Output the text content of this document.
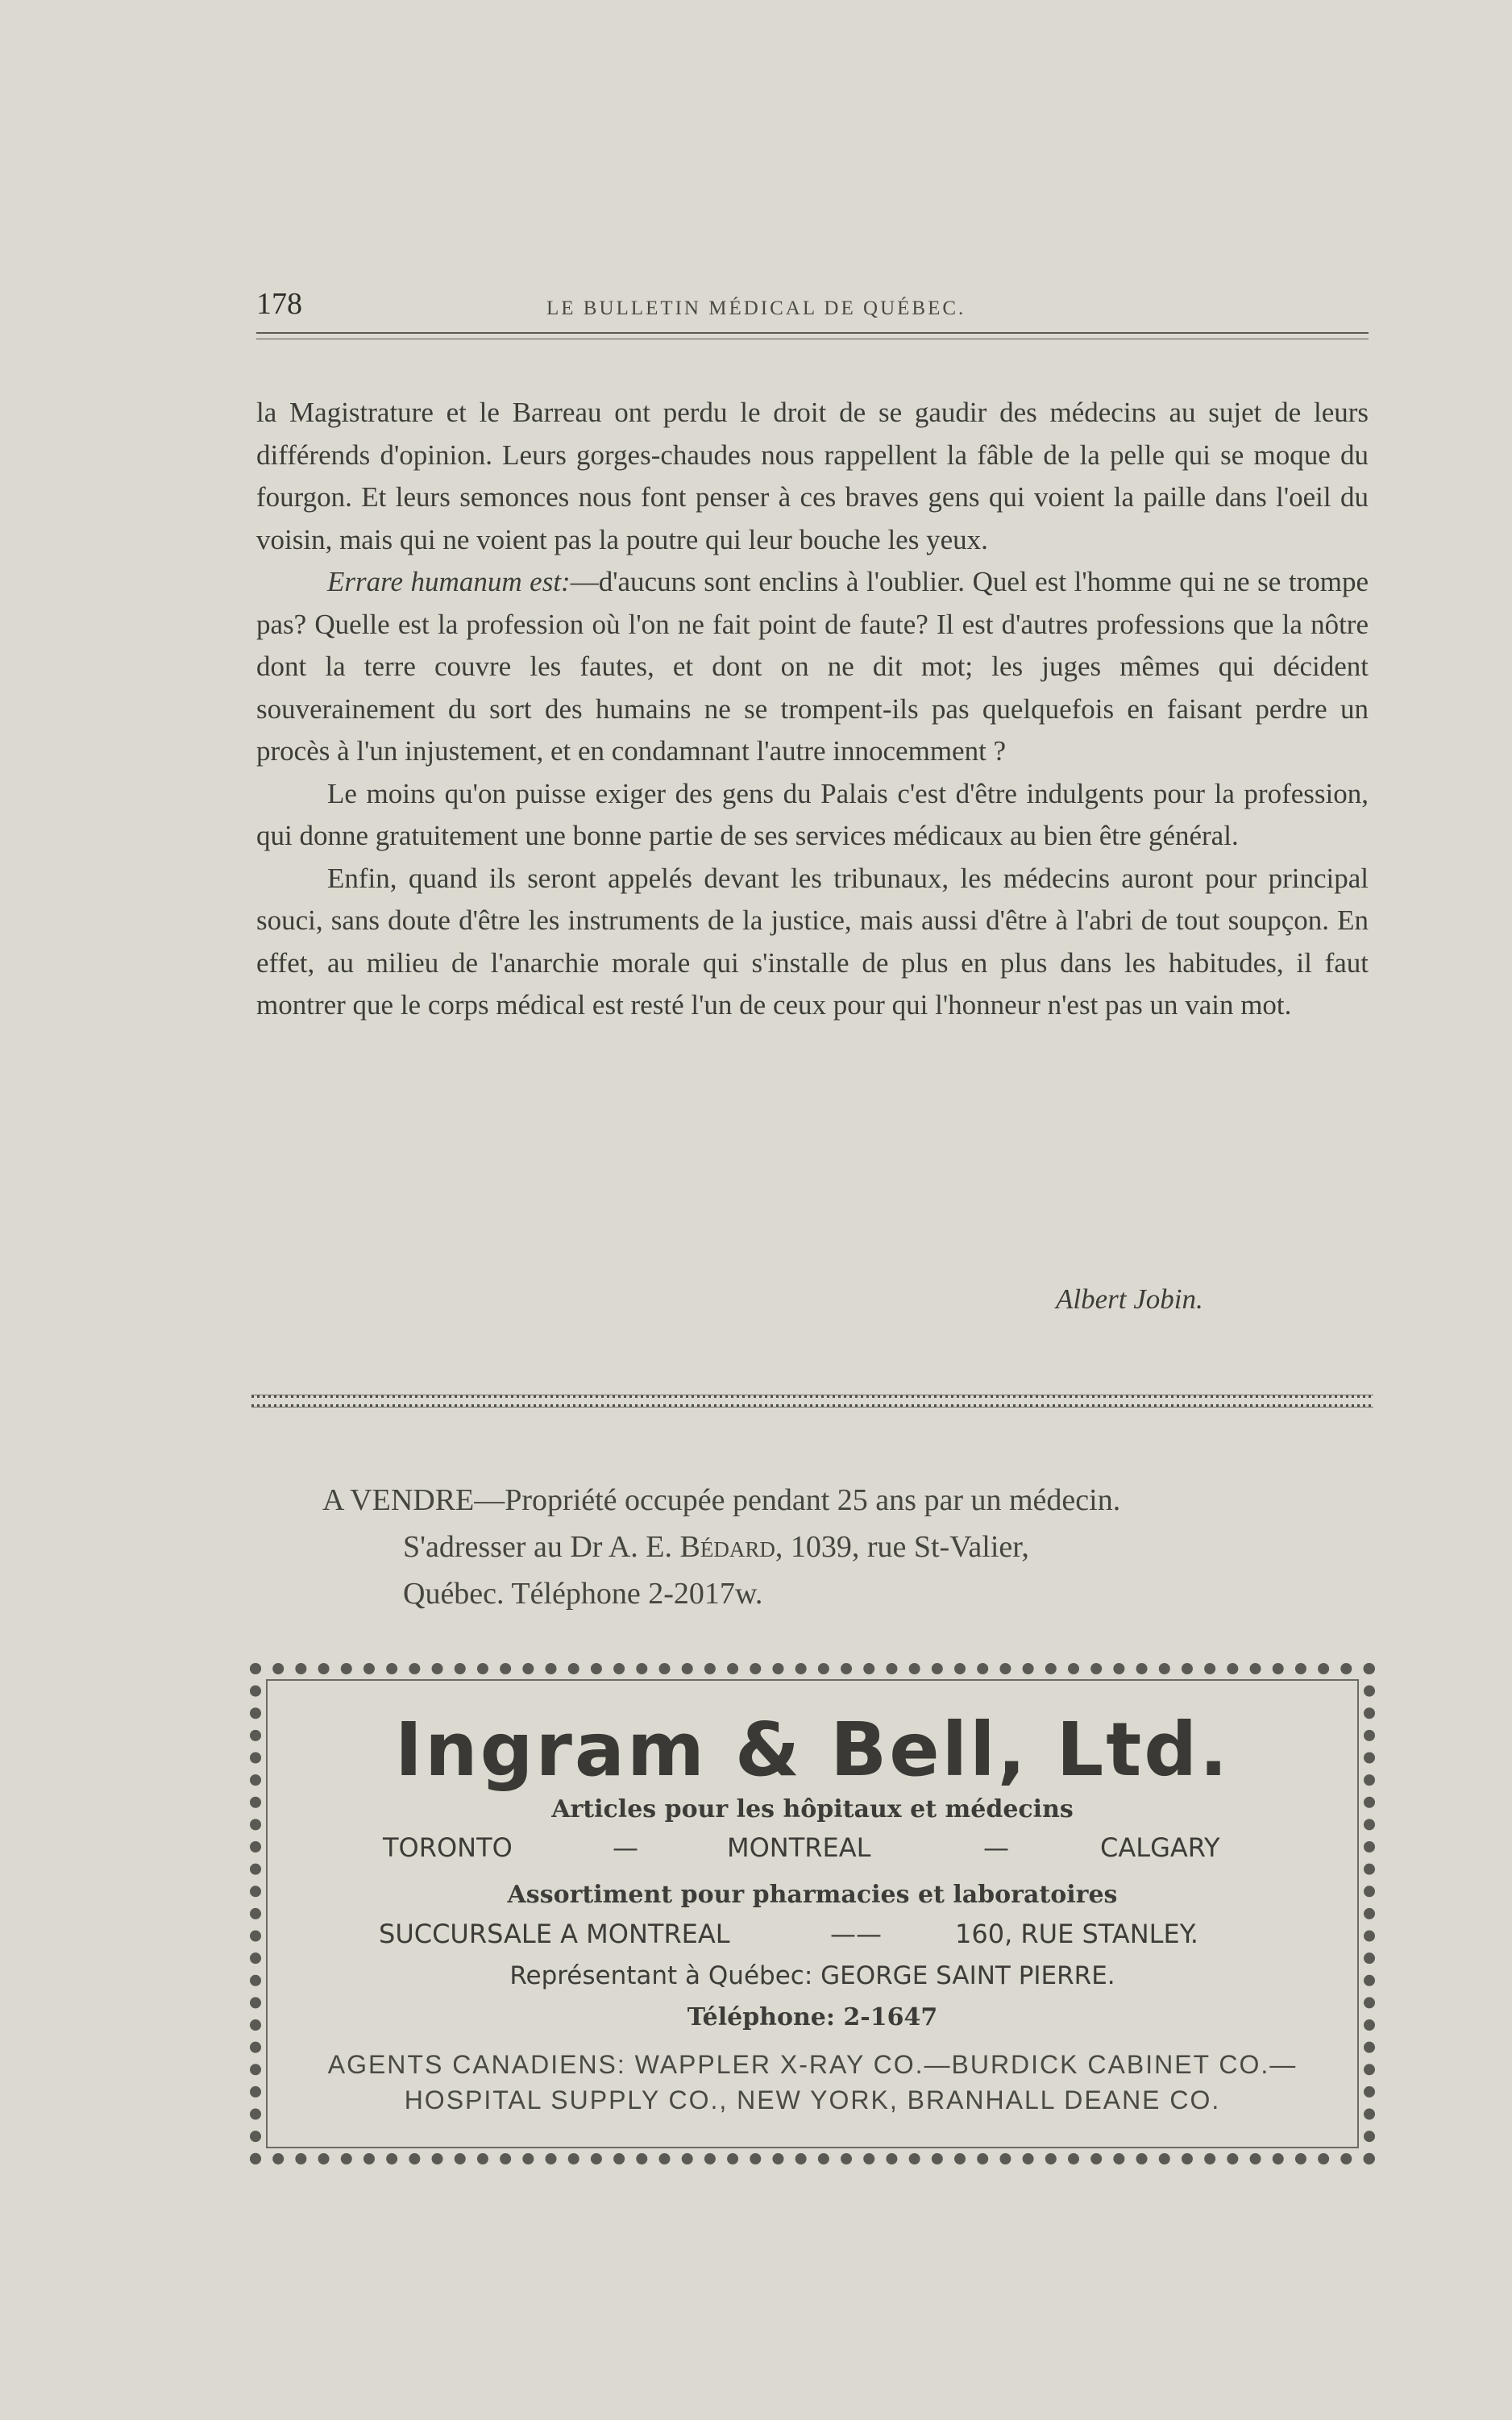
178	LE BULLETIN MÉDICAL DE QUÉBEC.

la Magistrature et le Barreau ont perdu le droit de se gaudir des médecins au sujet de leurs différends d'opinion. Leurs gorges-chaudes nous rappellent la fâble de la pelle qui se moque du fourgon. Et leurs semonces nous font penser à ces braves gens qui voient la paille dans l'oeil du voisin, mais qui ne voient pas la poutre qui leur bouche les yeux.

Errare humanum est:—d'aucuns sont enclins à l'oublier. Quel est l'homme qui ne se trompe pas? Quelle est la profession où l'on ne fait point de faute? Il est d'autres professions que la nôtre dont la terre couvre les fautes, et dont on ne dit mot; les juges mêmes qui décident souverainement du sort des humains ne se trompent-ils pas quelquefois en faisant perdre un procès à l'un injustement, et en condamnant l'autre innocemment ?

Le moins qu'on puisse exiger des gens du Palais c'est d'être indulgents pour la profession, qui donne gratuitement une bonne partie de ses services médicaux au bien être général.

Enfin, quand ils seront appelés devant les tribunaux, les médecins auront pour principal souci, sans doute d'être les instruments de la justice, mais aussi d'être à l'abri de tout soupçon. En effet, au milieu de l'anarchie morale qui s'installe de plus en plus dans les habitudes, il faut montrer que le corps médical est resté l'un de ceux pour qui l'honneur n'est pas un vain mot.

Albert Jobin.
A VENDRE—Propriété occupée pendant 25 ans par un médecin.
S'adresser au Dr A. E. Bédard, 1039, rue St-Valier,
Québec. Téléphone 2-2017w.
Ingram & Bell, Ltd.
Articles pour les hôpitaux et médecins
TORONTO	—	MONTREAL	—	CALGARY
Assortiment pour pharmacies et laboratoires
SUCCURSALE A MONTREAL	——	160, RUE STANLEY.
Représentant à Québec: GEORGE SAINT PIERRE.
Téléphone: 2-1647
AGENTS CANADIENS: WAPPLER X-RAY CO.—BURDICK CABINET CO.—
HOSPITAL SUPPLY CO., NEW YORK, BRANHALL DEANE CO.
